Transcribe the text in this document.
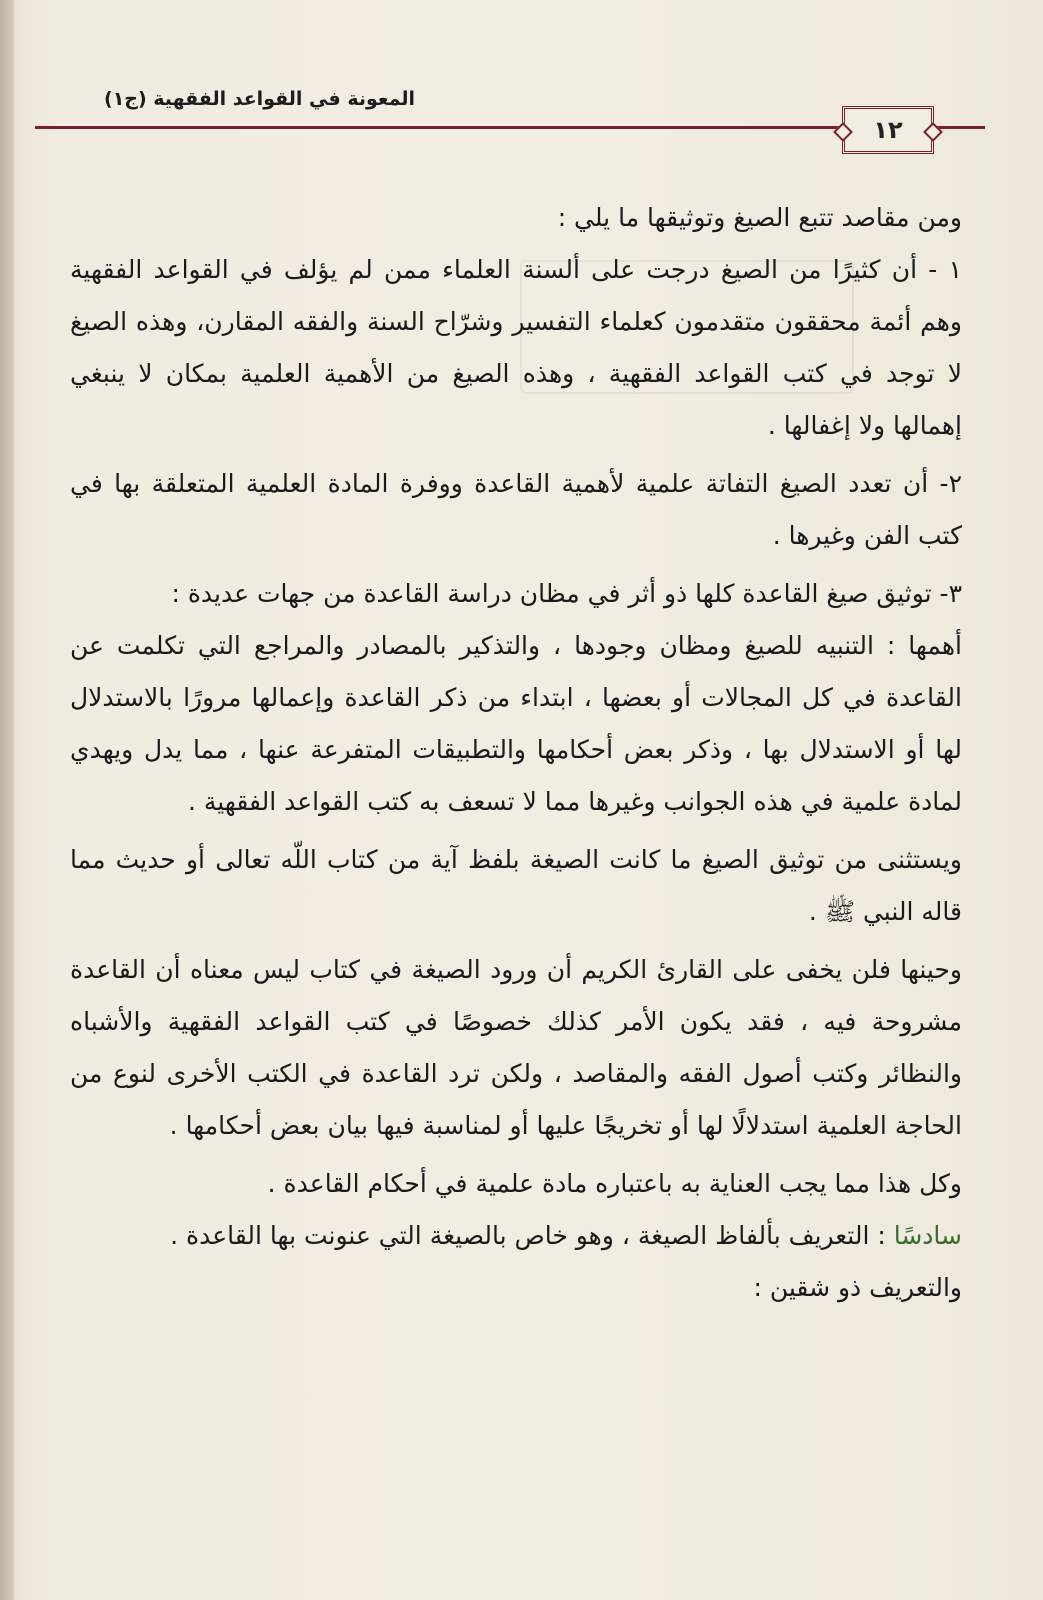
المعونة في القواعد الفقهية (ج١)
١٢

ومن مقاصد تتبع الصيغ وتوثيقها ما يلي :

١ - أن كثيرًا من الصيغ درجت على ألسنة العلماء ممن لم يؤلف في القواعد الفقهية وهم أئمة محققون متقدمون كعلماء التفسير وشرّاح السنة والفقه المقارن، وهذه الصيغ لا توجد في كتب القواعد الفقهية ، وهذه الصيغ من الأهمية العلمية بمكان لا ينبغي إهمالها ولا إغفالها .

٢- أن تعدد الصيغ التفاتة علمية لأهمية القاعدة ووفرة المادة العلمية المتعلقة بها في كتب الفن وغيرها .

٣- توثيق صيغ القاعدة كلها ذو أثر في مظان دراسة القاعدة من جهات عديدة :

أهمها : التنبيه للصيغ ومظان وجودها ، والتذكير بالمصادر والمراجع التي تكلمت عن القاعدة في كل المجالات أو بعضها ، ابتداء من ذكر القاعدة وإعمالها مرورًا بالاستدلال لها أو الاستدلال بها ، وذكر بعض أحكامها والتطبيقات المتفرعة عنها ، مما يدل ويهدي لمادة علمية في هذه الجوانب وغيرها مما لا تسعف به كتب القواعد الفقهية .

ويستثنى من توثيق الصيغ ما كانت الصيغة بلفظ آية من كتاب اللّه تعالى أو حديث مما قاله النبي ﷺ .

وحينها فلن يخفى على القارئ الكريم أن ورود الصيغة في كتاب ليس معناه أن القاعدة مشروحة فيه ، فقد يكون الأمر كذلك خصوصًا في كتب القواعد الفقهية والأشباه والنظائر وكتب أصول الفقه والمقاصد ، ولكن ترد القاعدة في الكتب الأخرى لنوع من الحاجة العلمية استدلالًا لها أو تخريجًا عليها أو لمناسبة فيها بيان بعض أحكامها .

وكل هذا مما يجب العناية به باعتباره مادة علمية في أحكام القاعدة .

سادسًا : التعريف بألفاظ الصيغة ، وهو خاص بالصيغة التي عنونت بها القاعدة .

والتعريف ذو شقين :
